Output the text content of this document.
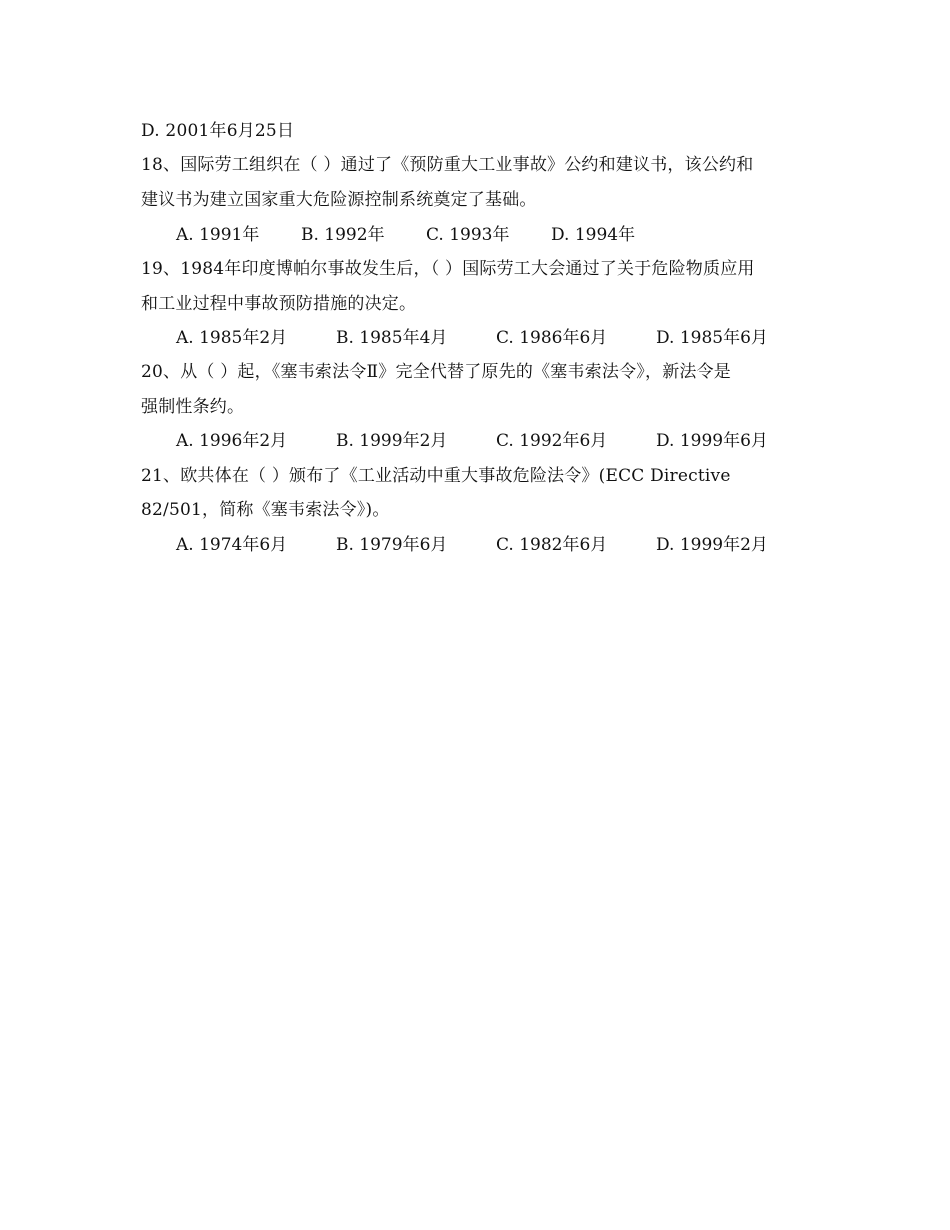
D. 2001年6月25日
18、国际劳工组织在（ ）通过了《预防重大工业事故》公约和建议书，该公约和
建议书为建立国家重大危险源控制系统奠定了基础。
A. 1991年 B. 1992年 C. 1993年 D. 1994年
19、1984年印度博帕尔事故发生后，（ ）国际劳工大会通过了关于危险物质应用
和工业过程中事故预防措施的决定。
A. 1985年2月	B. 1985年4月	C. 1986年6月	D. 1985年6月
20、从（ ）起，《塞韦索法令Ⅱ》完全代替了原先的《塞韦索法令》，新法令是
强制性条约。
A. 1996年2月	B. 1999年2月	C. 1992年6月	D. 1999年6月
21、欧共体在（ ）颁布了《工业活动中重大事故危险法令》(ECC Directive
82/501，简称《塞韦索法令》)。
A. 1974年6月	B. 1979年6月	C. 1982年6月	D. 1999年2月
